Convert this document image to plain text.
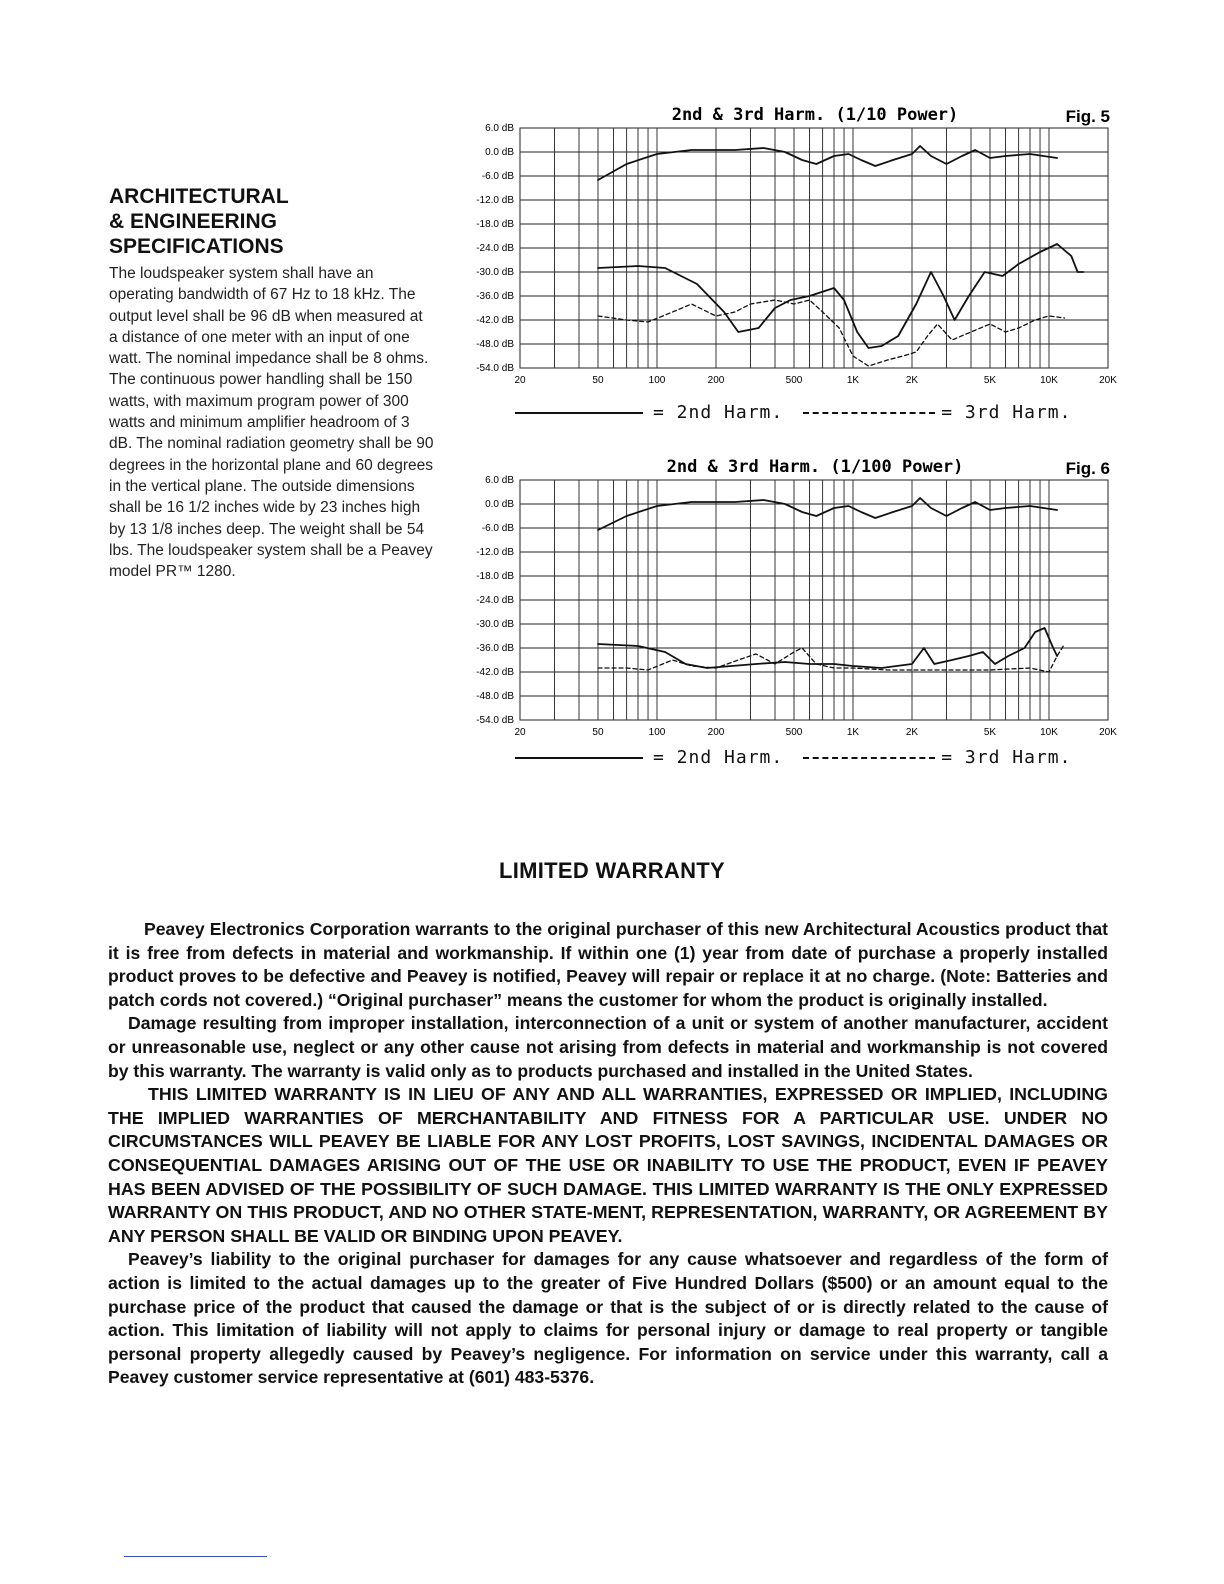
ARCHITECTURAL
& ENGINEERING
SPECIFICATIONS

The loudspeaker system shall have an operating bandwidth of 67 Hz to 18 kHz. The output level shall be 96 dB when measured at a distance of one meter with an input of one watt. The nominal impedance shall be 8 ohms. The continuous power handling shall be 150 watts, with maximum program power of 300 watts and minimum amplifier headroom of 3 dB. The nominal radiation geometry shall be 90 degrees in the horizontal plane and 60 degrees in the vertical plane. The outside dimensions shall be 16 1/2 inches wide by 23 inches high by 13 1/8 inches deep. The weight shall be 54 lbs. The loudspeaker system shall be a Peavey model PR™ 1280.

2nd & 3rd Harm. (1/10 Power)	Fig. 5
6.0 dB
0.0 dB
-6.0 dB
-12.0 dB
-18.0 dB
-24.0 dB
-30.0 dB
-36.0 dB
-42.0 dB
-48.0 dB
-54.0 dB
20	50	100	200	500	1K	2K	5K	10K	20K
= 2nd Harm.	= 3rd Harm.
2nd & 3rd Harm. (1/100 Power)	Fig. 6
6.0 dB
0.0 dB
-6.0 dB
-12.0 dB
-18.0 dB
-24.0 dB
-30.0 dB
-36.0 dB
-42.0 dB
-48.0 dB
-54.0 dB
20	50	100	200	500	1K	2K	5K	10K	20K
= 2nd Harm.	= 3rd Harm.
LIMITED WARRANTY

Peavey Electronics Corporation warrants to the original purchaser of this new Architectural Acoustics product that it is free from defects in material and workmanship. If within one (1) year from date of purchase a properly installed product proves to be defective and Peavey is notified, Peavey will repair or replace it at no charge. (Note: Batteries and patch cords not covered.) “Original purchaser” means the customer for whom the product is originally installed.

Damage resulting from improper installation, interconnection of a unit or system of another manufacturer, accident or unreasonable use, neglect or any other cause not arising from defects in material and workmanship is not covered by this warranty. The warranty is valid only as to products purchased and installed in the United States.

THIS LIMITED WARRANTY IS IN LIEU OF ANY AND ALL WARRANTIES, EXPRESSED OR IMPLIED, INCLUDING THE IMPLIED WARRANTIES OF MERCHANTABILITY AND FITNESS FOR A PARTICULAR USE. UNDER NO CIRCUMSTANCES WILL PEAVEY BE LIABLE FOR ANY LOST PROFITS, LOST SAVINGS, INCIDENTAL DAMAGES OR CONSEQUENTIAL DAMAGES ARISING OUT OF THE USE OR INABILITY TO USE THE PRODUCT, EVEN IF PEAVEY HAS BEEN ADVISED OF THE POSSIBILITY OF SUCH DAMAGE. THIS LIMITED WARRANTY IS THE ONLY EXPRESSED WARRANTY ON THIS PRODUCT, AND NO OTHER STATE-MENT, REPRESENTATION, WARRANTY, OR AGREEMENT BY ANY PERSON SHALL BE VALID OR BINDING UPON PEAVEY.

Peavey’s liability to the original purchaser for damages for any cause whatsoever and regardless of the form of action is limited to the actual damages up to the greater of Five Hundred Dollars ($500) or an amount equal to the purchase price of the product that caused the damage or that is the subject of or is directly related to the cause of action. This limitation of liability will not apply to claims for personal injury or damage to real property or tangible personal property allegedly caused by Peavey’s negligence. For information on service under this warranty, call a Peavey customer service representative at (601) 483-5376.
